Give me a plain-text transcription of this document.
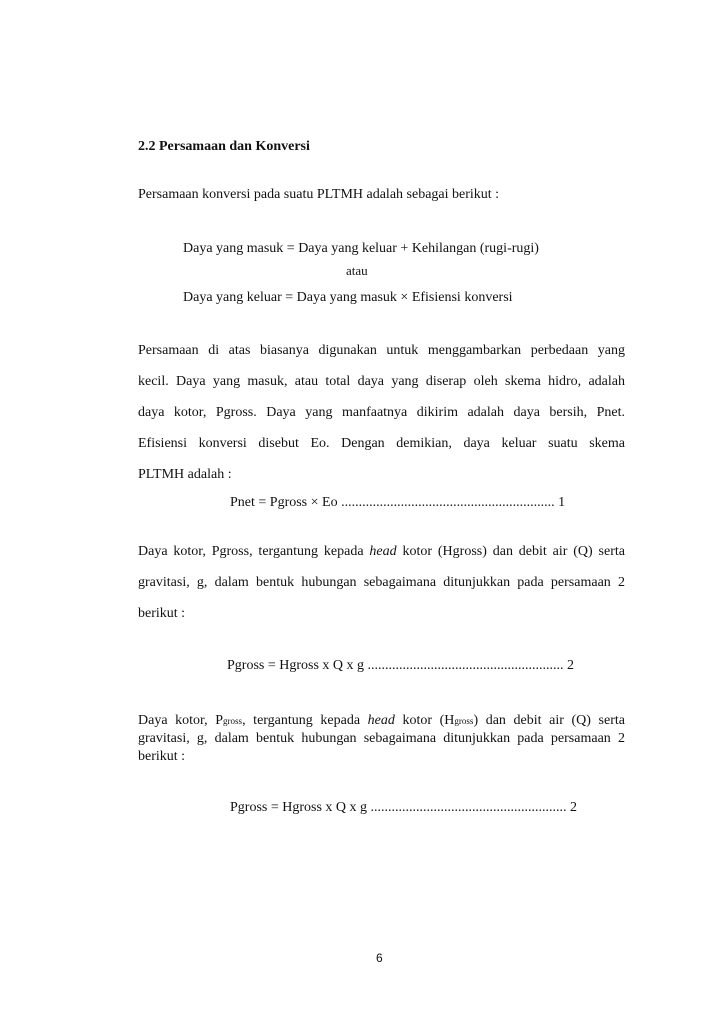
2.2 Persamaan dan Konversi
Persamaan konversi pada suatu PLTMH adalah sebagai berikut :
Daya yang masuk = Daya yang keluar + Kehilangan (rugi-rugi)
atau
Daya yang keluar = Daya yang masuk × Efisiensi konversi
Persamaan di atas biasanya digunakan untuk menggambarkan perbedaan yang
kecil. Daya yang masuk, atau total daya yang diserap oleh skema hidro, adalah
daya kotor, Pgross. Daya yang manfaatnya dikirim adalah daya bersih, Pnet.
Efisiensi konversi disebut Eo. Dengan demikian, daya keluar suatu skema
PLTMH adalah :
Pnet = Pgross × Eo ............................................................. 1
Daya kotor, Pgross, tergantung kepada head kotor (Hgross) dan debit air (Q) serta
gravitasi, g, dalam bentuk hubungan sebagaimana ditunjukkan pada persamaan 2
berikut :
Pgross = Hgross x Q x g ........................................................ 2
Daya kotor, Pgross, tergantung kepada head kotor (Hgross) dan debit air (Q) serta
gravitasi, g, dalam bentuk hubungan sebagaimana ditunjukkan pada persamaan 2
berikut :
Pgross = Hgross x Q x g ........................................................ 2
6
